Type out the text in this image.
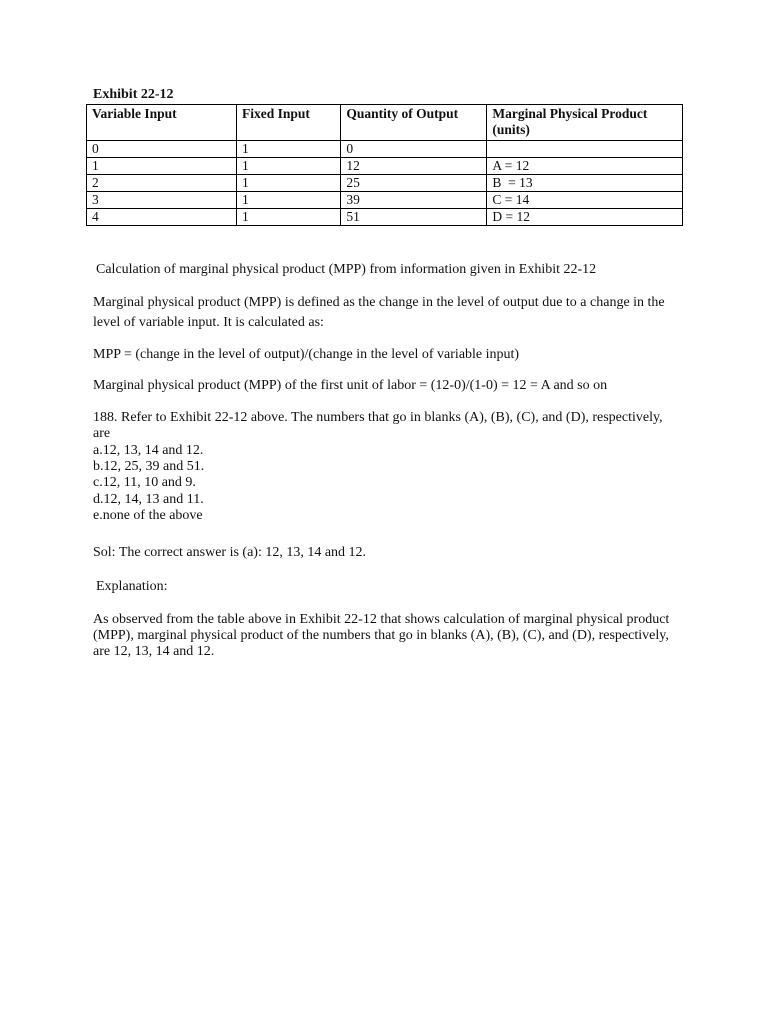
Exhibit 22-12
Variable Input	Fixed Input	Quantity of Output	Marginal Physical Product (units)
0	1	0	
1	1	12	A = 12
2	1	25	B  = 13
3	1	39	C = 14
4	1	51	D = 12

Calculation of marginal physical product (MPP) from information given in Exhibit 22-12

Marginal physical product (MPP) is defined as the change in the level of output due to a change in the level of variable input. It is calculated as:

MPP = (change in the level of output)/(change in the level of variable input)

Marginal physical product (MPP) of the first unit of labor = (12-0)/(1-0) = 12 = A and so on

188. Refer to Exhibit 22-12 above. The numbers that go in blanks (A), (B), (C), and (D), respectively, are

a.12, 13, 14 and 12.
b.12, 25, 39 and 51.
c.12, 11, 10 and 9.
d.12, 14, 13 and 11.
e.none of the above

Sol: The correct answer is (a): 12, 13, 14 and 12.

Explanation:

As observed from the table above in Exhibit 22-12 that shows calculation of marginal physical product (MPP), marginal physical product of the numbers that go in blanks (A), (B), (C), and (D), respectively, are 12, 13, 14 and 12.
